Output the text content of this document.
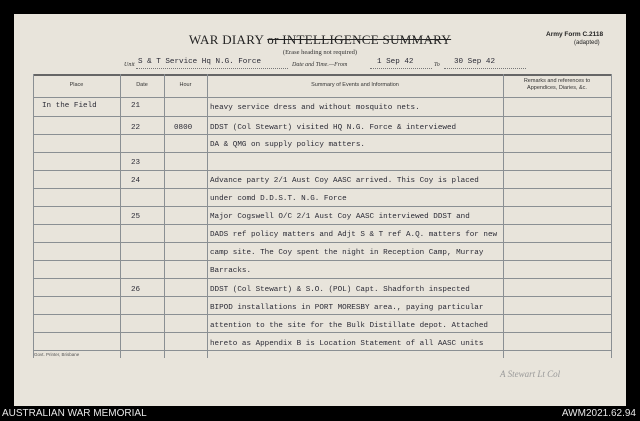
WAR DIARY or INTELLIGENCE SUMMARY
(Erase heading not required)
Army Form C.2118
(adapted)
Unit S & T Service Hq N.G. Force	Date and Time.—From	1 Sep 42	To 30 Sep 42
Place	Date	Hour	Summary of Events and Information
Remarks and references to
Appendices, Diaries, &c.
In the Field	21	heavy service dress and without mosquito nets.
22	0800 DDST (Col Stewart) visited HQ N.G. Force & interviewed
DA & QMG on supply policy matters.
23
24	Advance party 2/1 Aust Coy AASC arrived. This Coy is placed
under comd D.D.S.T. N.G. Force
25	Major Cogswell O/C 2/1 Aust Coy AASC interviewed DDST and
DADS ref policy matters and Adjt S & T ref A.Q. matters for new
camp site. The Coy spent the night in Reception Camp, Murray
Barracks.
26	DDST (Col Stewart) & S.O. (POL) Capt. Shadforth inspected
BIPOD installations in PORT MORESBY area., paying particular
attention to the site for the Bulk Distillate depot. Attached
hereto as Appendix B is Location Statement of all AASC units
Govt. Printer, Brisbane
A Stewart Lt Col
AUSTRALIAN WAR MEMORIAL	AWM2021.62.94
